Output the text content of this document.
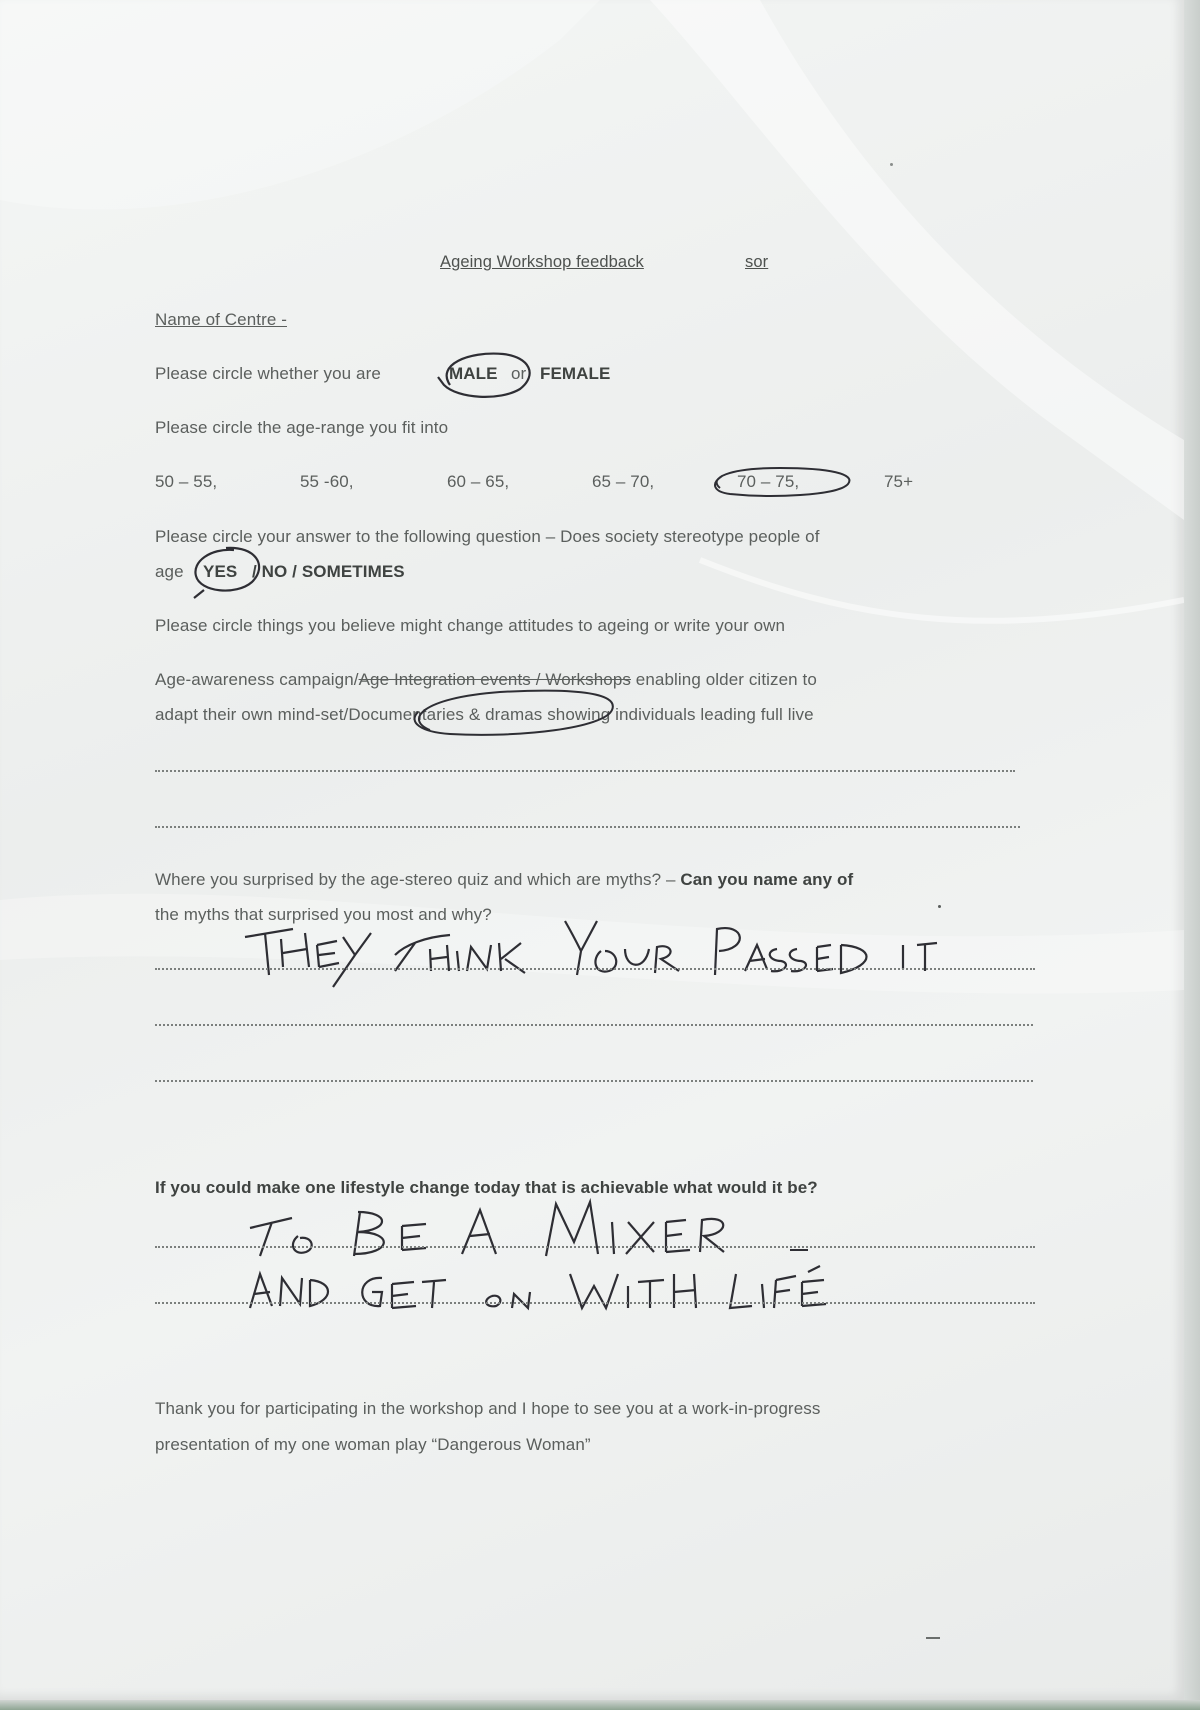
Ageing Workshop feedback	sor
Name of Centre -
Please circle whether you are	MALE or FEMALE
Please circle the age-range you fit into
50 – 55,	55 -60,	60 – 65,	65 – 70,	70 – 75,	75+
Please circle your answer to the following question – Does society stereotype people of
age YES / NO / SOMETIMES
Please circle things you believe might change attitudes to ageing or write your own
Age-awareness campaign/Age Integration events / Workshops enabling older citizen to
adapt their own mind-set/Documentaries & dramas showing individuals leading full live
Where you surprised by the age-stereo quiz and which are myths? – Can you name any of
the myths that surprised you most and why?
If you could make one lifestyle change today that is achievable what would it be?
Thank you for participating in the workshop and I hope to see you at a work-in-progress
presentation of my one woman play “Dangerous Woman”
